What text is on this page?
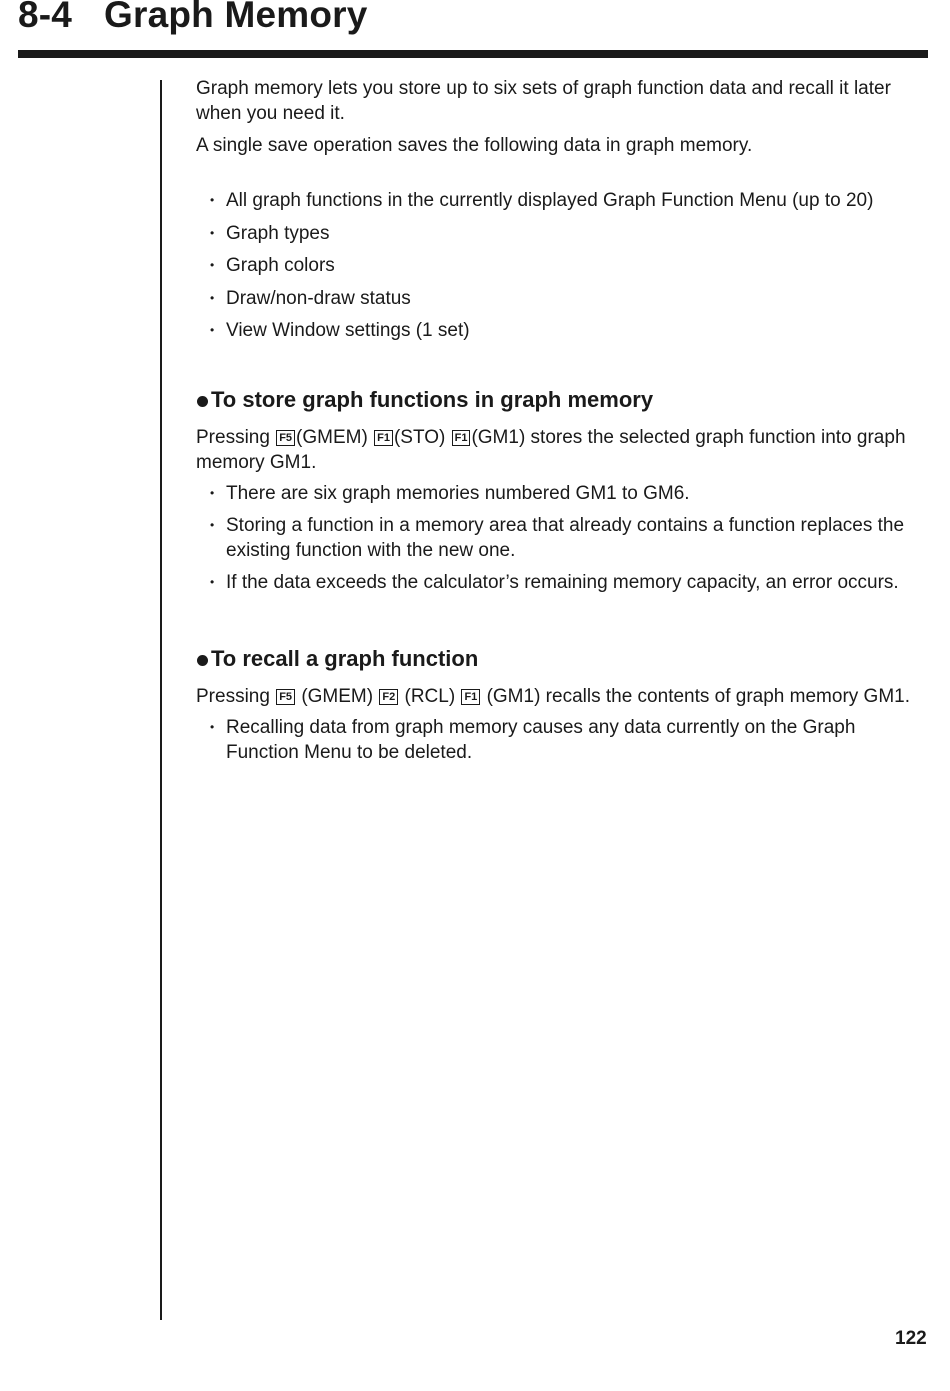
8-4 Graph Memory

Graph memory lets you store up to six sets of graph function data and recall it later when you need it.

A single save operation saves the following data in graph memory.

• All graph functions in the currently displayed Graph Function Menu (up to 20)
• Graph types
• Graph colors
• Draw/non-draw status
• View Window settings (1 set)
To store graph functions in graph memory

Pressing F5 (GMEM) F1 (STO) F1 (GM1) stores the selected graph function into graph memory GM1.

• There are six graph memories numbered GM1 to GM6.
• Storing a function in a memory area that already contains a function replaces the existing function with the new one.
• If the data exceeds the calculator’s remaining memory capacity, an error occurs.
To recall a graph function

Pressing F5 (GMEM) F2 (RCL) F1 (GM1) recalls the contents of graph memory GM1.

• Recalling data from graph memory causes any data currently on the Graph Function Menu to be deleted.
122
